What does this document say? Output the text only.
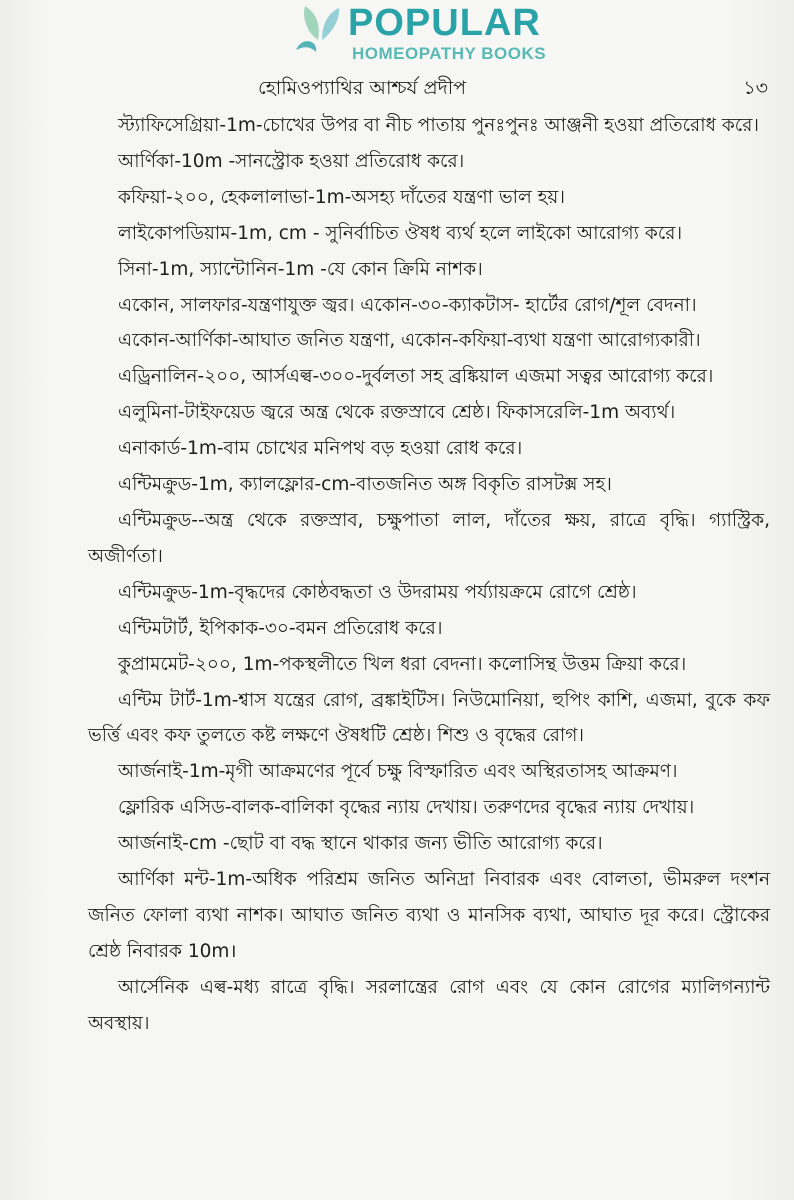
POPULAR
HOMEOPATHY BOOKS
হোমিওপ্যাথির আশ্চর্য প্রদীপ	১৩

স্ট্যাফিসেগ্রিয়া-1m-চোখের উপর বা নীচ পাতায় পুনঃপুনঃ আঞ্জনী হওয়া প্রতিরোধ করে।

আর্ণিকা-10m -সানস্ট্রোক হওয়া প্রতিরোধ করে।

কফিয়া-২০০, হেকলালাভা-1m-অসহ্য দাঁতের যন্ত্রণা ভাল হয়।

লাইকোপডিয়াম-1m, cm - সুনির্বাচিত ঔষধ ব্যর্থ হলে লাইকো আরোগ্য করে।

সিনা-1m, স্যান্টোনিন-1m -যে কোন ক্রিমি নাশক।

একোন, সালফার-যন্ত্রণাযুক্ত জ্বর। একোন-৩০-ক্যাকটাস- হার্টের রোগ/শূল বেদনা।

একোন-আর্ণিকা-আঘাত জনিত যন্ত্রণা, একোন-কফিয়া-ব্যথা যন্ত্রণা আরোগ্যকারী।

এড্রিনালিন-২০০, আর্সএল্ব-৩০০-দুর্বলতা সহ ব্রঙ্কিয়াল এজমা সত্বর আরোগ্য করে।

এলুমিনা-টাইফয়েড জ্বরে অন্ত্র থেকে রক্তস্রাবে শ্রেষ্ঠ। ফিকাসরেলি-1m অব্যর্থ।

এনাকার্ড-1m-বাম চোখের মনিপথ বড় হওয়া রোধ করে।

এন্টিমক্রুড-1m, ক্যালফ্লোর-cm-বাতজনিত অঙ্গ বিকৃতি রাসটক্স সহ।

এন্টিমক্রুড--অন্ত্র থেকে রক্তস্রাব, চক্ষুপাতা লাল, দাঁতের ক্ষয়, রাত্রে বৃদ্ধি। গ্যাস্ট্রিক, অজীর্ণতা।

এন্টিমক্রুড-1m-বৃদ্ধদের কোষ্ঠবদ্ধতা ও উদরাময় পর্য্যায়ক্রমে রোগে শ্রেষ্ঠ।

এন্টিমটার্ট, ইপিকাক-৩০-বমন প্রতিরোধ করে।

কুপ্রামমেট-২০০, 1m-পকস্থলীতে খিল ধরা বেদনা। কলোসিন্থ উত্তম ক্রিয়া করে।

এন্টিম টার্ট-1m-শ্বাস যন্ত্রের রোগ, ব্রঙ্কাইটিস। নিউমোনিয়া, হুপিং কাশি, এজমা, বুকে কফ ভর্ত্তি এবং কফ তুলতে কষ্ট লক্ষণে ঔষধটি শ্রেষ্ঠ। শিশু ও বৃদ্ধের রোগ।

আর্জনাই-1m-মৃগী আক্রমণের পূর্বে চক্ষু বিস্ফারিত এবং অস্থিরতাসহ আক্রমণ।

ফ্লোরিক এসিড-বালক-বালিকা বৃদ্ধের ন্যায় দেখায়। তরুণদের বৃদ্ধের ন্যায় দেখায়।

আর্জনাই-cm -ছোট বা বদ্ধ স্থানে থাকার জন্য ভীতি আরোগ্য করে।

আর্ণিকা মন্ট-1m-অধিক পরিশ্রম জনিত অনিদ্রা নিবারক এবং বোলতা, ভীমরুল দংশন জনিত ফোলা ব্যথা নাশক। আঘাত জনিত ব্যথা ও মানসিক ব্যথা, আঘাত দূর করে। স্ট্রোকের শ্রেষ্ঠ নিবারক 10m।

আর্সেনিক এল্ব-মধ্য রাত্রে বৃদ্ধি। সরলান্ত্রের রোগ এবং যে কোন রোগের ম্যালিগন্যান্ট অবস্থায়।
